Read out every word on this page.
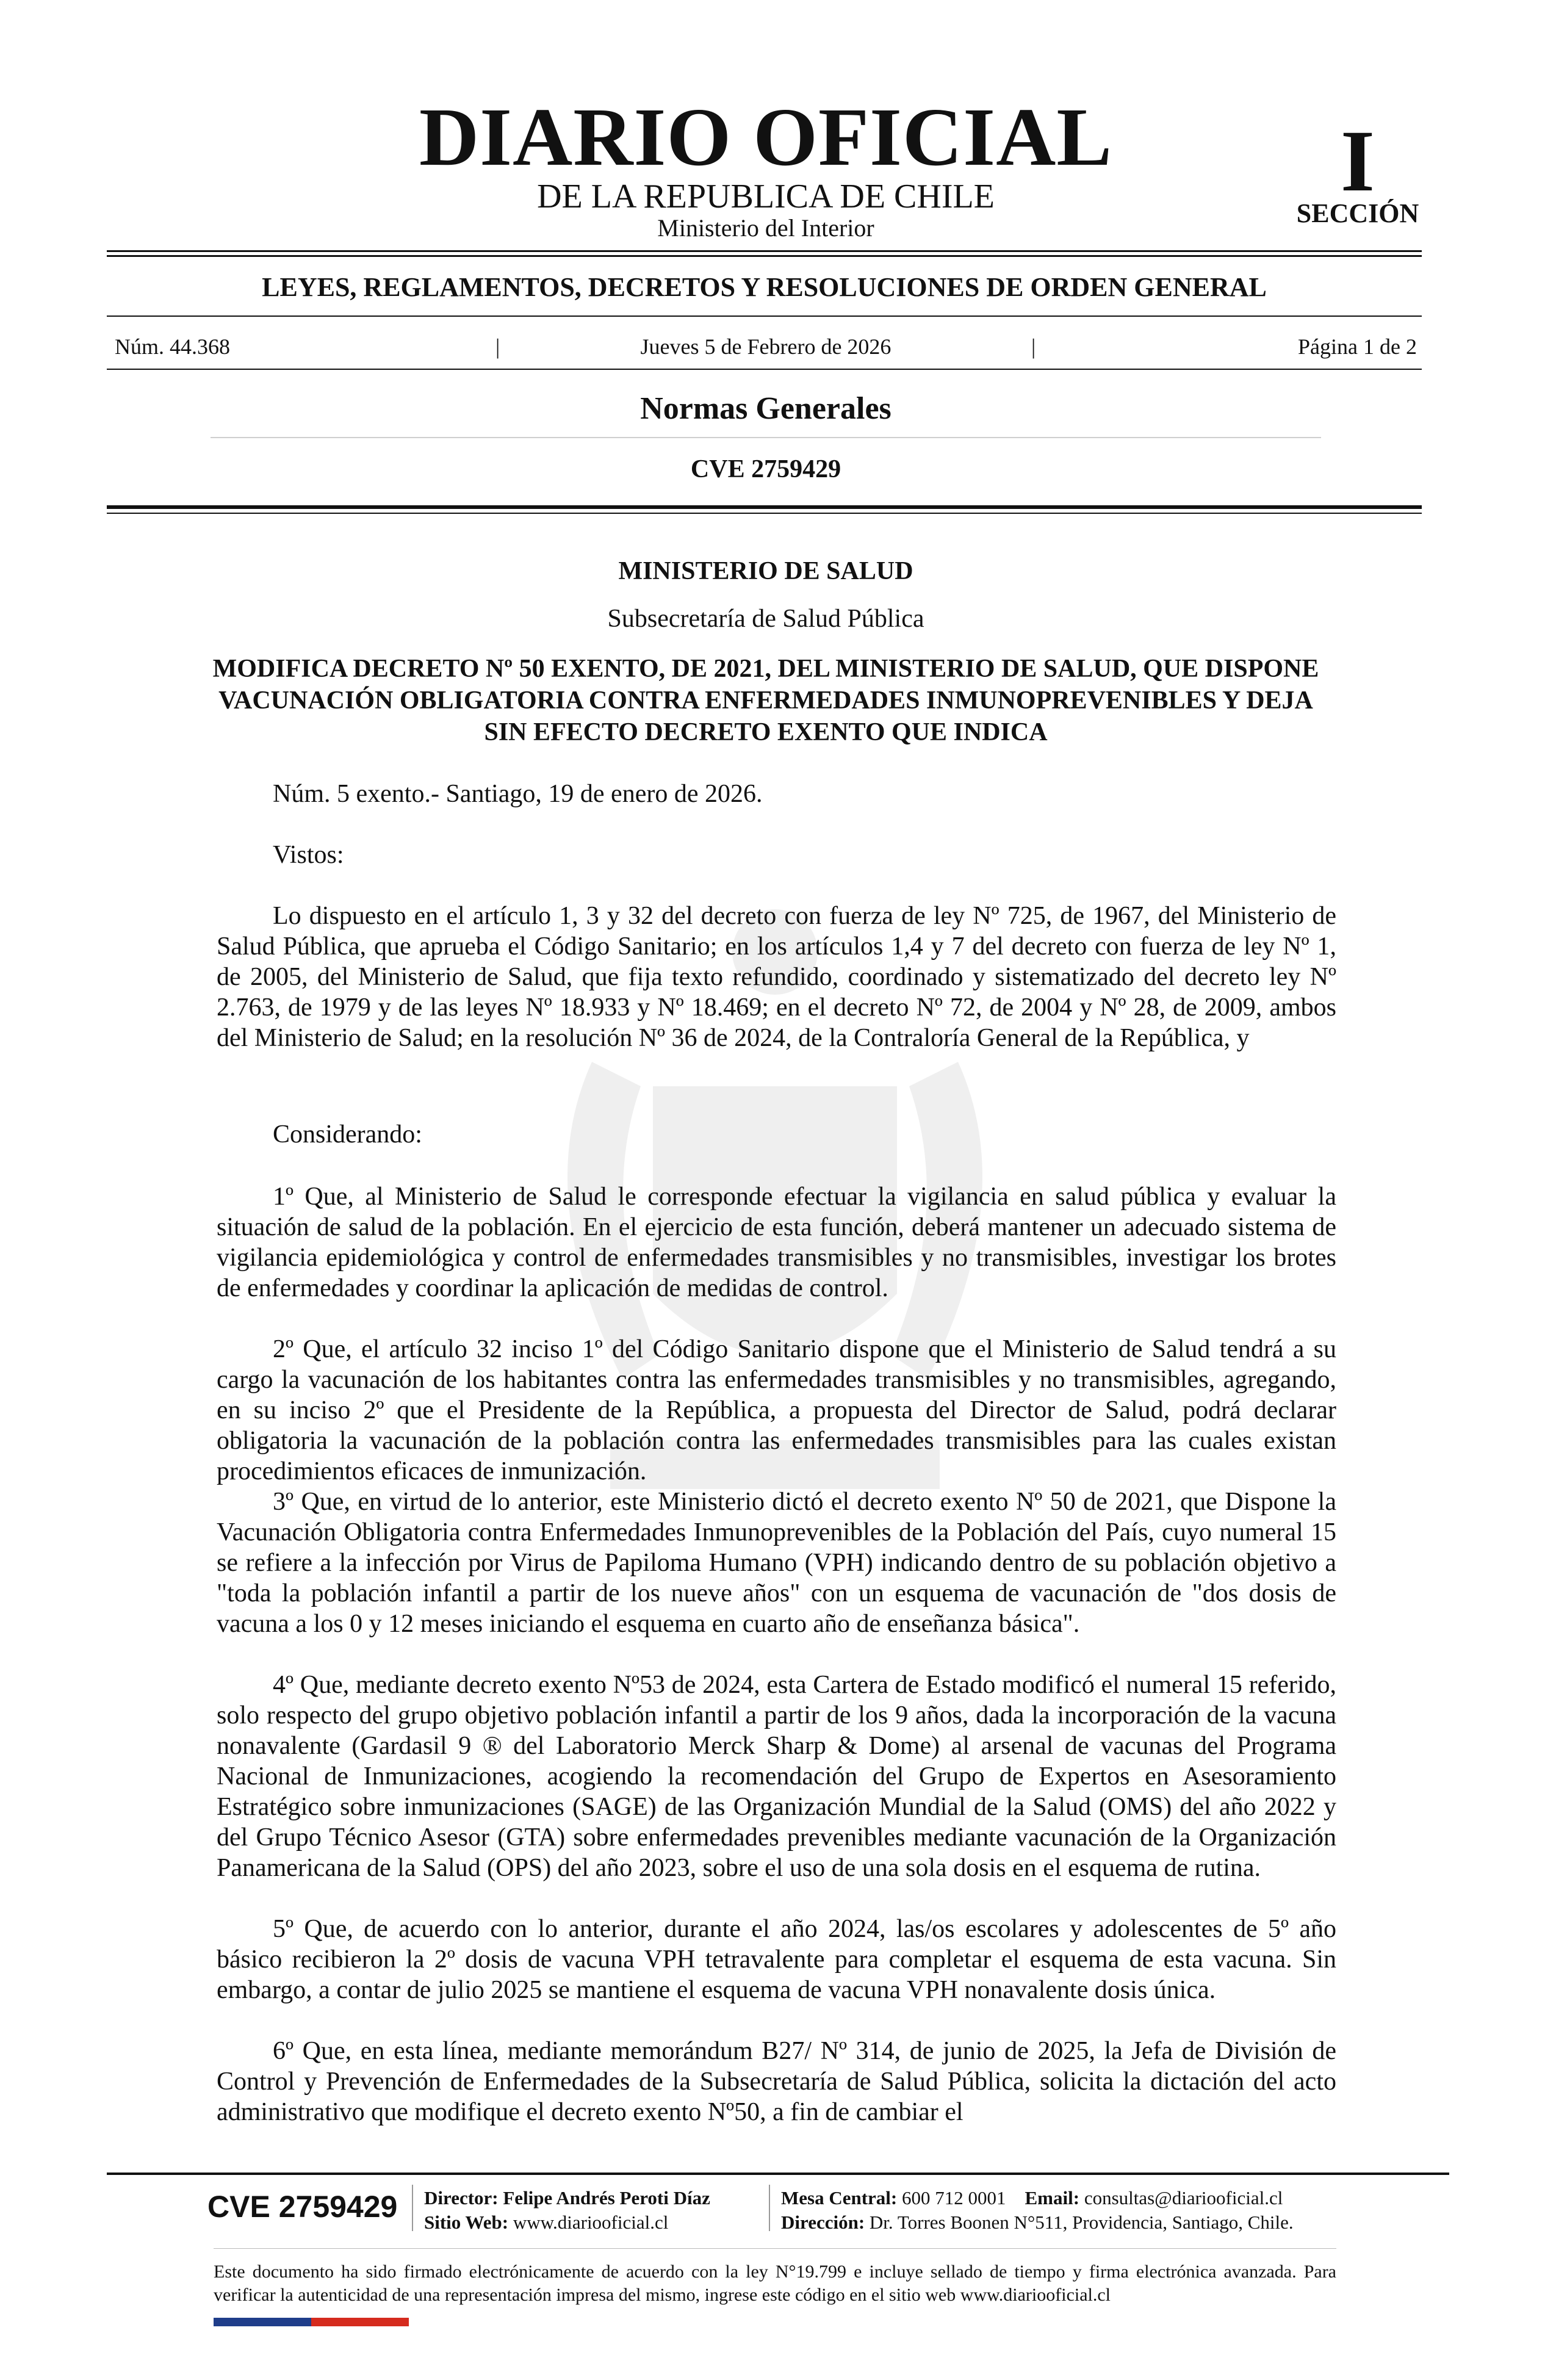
DIARIO OFICIAL
DE LA REPUBLICA DE CHILE
Ministerio del Interior
I
SECCIÓN
LEYES, REGLAMENTOS, DECRETOS Y RESOLUCIONES DE ORDEN GENERAL
Núm. 44.368	|	Jueves 5 de Febrero de 2026	|	Página 1 de 2
Normas Generales
CVE 2759429
MINISTERIO DE SALUD
Subsecretaría de Salud Pública
MODIFICA DECRETO Nº 50 EXENTO, DE 2021, DEL MINISTERIO DE SALUD, QUE DISPONE VACUNACIÓN OBLIGATORIA CONTRA ENFERMEDADES INMUNOPREVENIBLES Y DEJA SIN EFECTO DECRETO EXENTO QUE INDICA
Núm. 5 exento.- Santiago, 19 de enero de 2026.
Vistos:
Lo dispuesto en el artículo 1, 3 y 32 del decreto con fuerza de ley Nº 725, de 1967, del Ministerio de Salud Pública, que aprueba el Código Sanitario; en los artículos 1,4 y 7 del decreto con fuerza de ley Nº 1, de 2005, del Ministerio de Salud, que fija texto refundido, coordinado y sistematizado del decreto ley Nº 2.763, de 1979 y de las leyes Nº 18.933 y Nº 18.469; en el decreto Nº 72, de 2004 y Nº 28, de 2009, ambos del Ministerio de Salud; en la resolución Nº 36 de 2024, de la Contraloría General de la República, y
Considerando:
1º Que, al Ministerio de Salud le corresponde efectuar la vigilancia en salud pública y evaluar la situación de salud de la población. En el ejercicio de esta función, deberá mantener un adecuado sistema de vigilancia epidemiológica y control de enfermedades transmisibles y no transmisibles, investigar los brotes de enfermedades y coordinar la aplicación de medidas de control.
2º Que, el artículo 32 inciso 1º del Código Sanitario dispone que el Ministerio de Salud tendrá a su cargo la vacunación de los habitantes contra las enfermedades transmisibles y no transmisibles, agregando, en su inciso 2º que el Presidente de la República, a propuesta del Director de Salud, podrá declarar obligatoria la vacunación de la población contra las enfermedades transmisibles para las cuales existan procedimientos eficaces de inmunización.
3º Que, en virtud de lo anterior, este Ministerio dictó el decreto exento Nº 50 de 2021, que Dispone la Vacunación Obligatoria contra Enfermedades Inmunoprevenibles de la Población del País, cuyo numeral 15 se refiere a la infección por Virus de Papiloma Humano (VPH) indicando dentro de su población objetivo a "toda la población infantil a partir de los nueve años" con un esquema de vacunación de "dos dosis de vacuna a los 0 y 12 meses iniciando el esquema en cuarto año de enseñanza básica".
4º Que, mediante decreto exento Nº53 de 2024, esta Cartera de Estado modificó el numeral 15 referido, solo respecto del grupo objetivo población infantil a partir de los 9 años, dada la incorporación de la vacuna nonavalente (Gardasil 9 ® del Laboratorio Merck Sharp & Dome) al arsenal de vacunas del Programa Nacional de Inmunizaciones, acogiendo la recomendación del Grupo de Expertos en Asesoramiento Estratégico sobre inmunizaciones (SAGE) de las Organización Mundial de la Salud (OMS) del año 2022 y del Grupo Técnico Asesor (GTA) sobre enfermedades prevenibles mediante vacunación de la Organización Panamericana de la Salud (OPS) del año 2023, sobre el uso de una sola dosis en el esquema de rutina.
5º Que, de acuerdo con lo anterior, durante el año 2024, las/os escolares y adolescentes de 5º año básico recibieron la 2º dosis de vacuna VPH tetravalente para completar el esquema de esta vacuna. Sin embargo, a contar de julio 2025 se mantiene el esquema de vacuna VPH nonavalente dosis única.
6º Que, en esta línea, mediante memorándum B27/ Nº 314, de junio de 2025, la Jefa de División de Control y Prevención de Enfermedades de la Subsecretaría de Salud Pública, solicita la dictación del acto administrativo que modifique el decreto exento Nº50, a fin de cambiar el
CVE 2759429 Director: Felipe Andrés Peroti Díaz
Sitio Web: www.diariooficial.cl
Mesa Central: 600 712 0001 Email: consultas@diariooficial.cl
Dirección: Dr. Torres Boonen N°511, Providencia, Santiago, Chile.
Este documento ha sido firmado electrónicamente de acuerdo con la ley N°19.799 e incluye sellado de tiempo y firma electrónica avanzada. Para verificar la autenticidad de una representación impresa del mismo, ingrese este código en el sitio web www.diariooficial.cl
